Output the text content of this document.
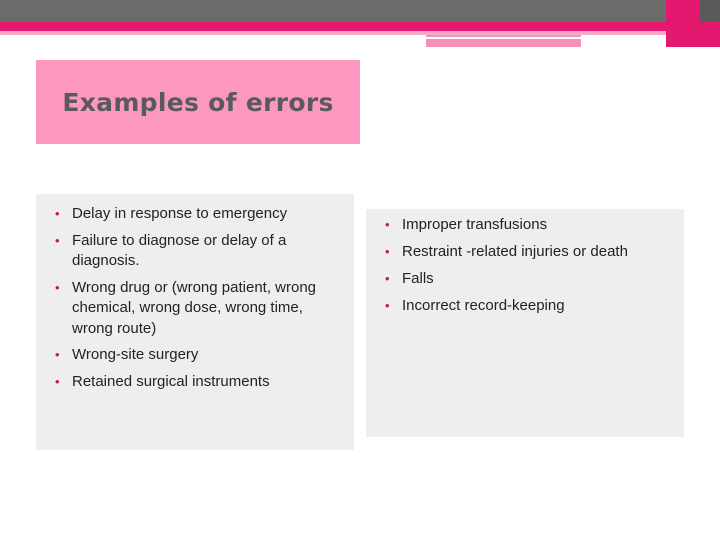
Examples of errors
• Delay in response to emergency
• Failure to diagnose or delay of a diagnosis.
• Wrong drug or (wrong patient, wrong chemical, wrong dose, wrong time, wrong route)
• Wrong-site surgery
• Retained surgical instruments
• Improper transfusions
• Restraint -related injuries or death
• Falls
• Incorrect record-keeping
